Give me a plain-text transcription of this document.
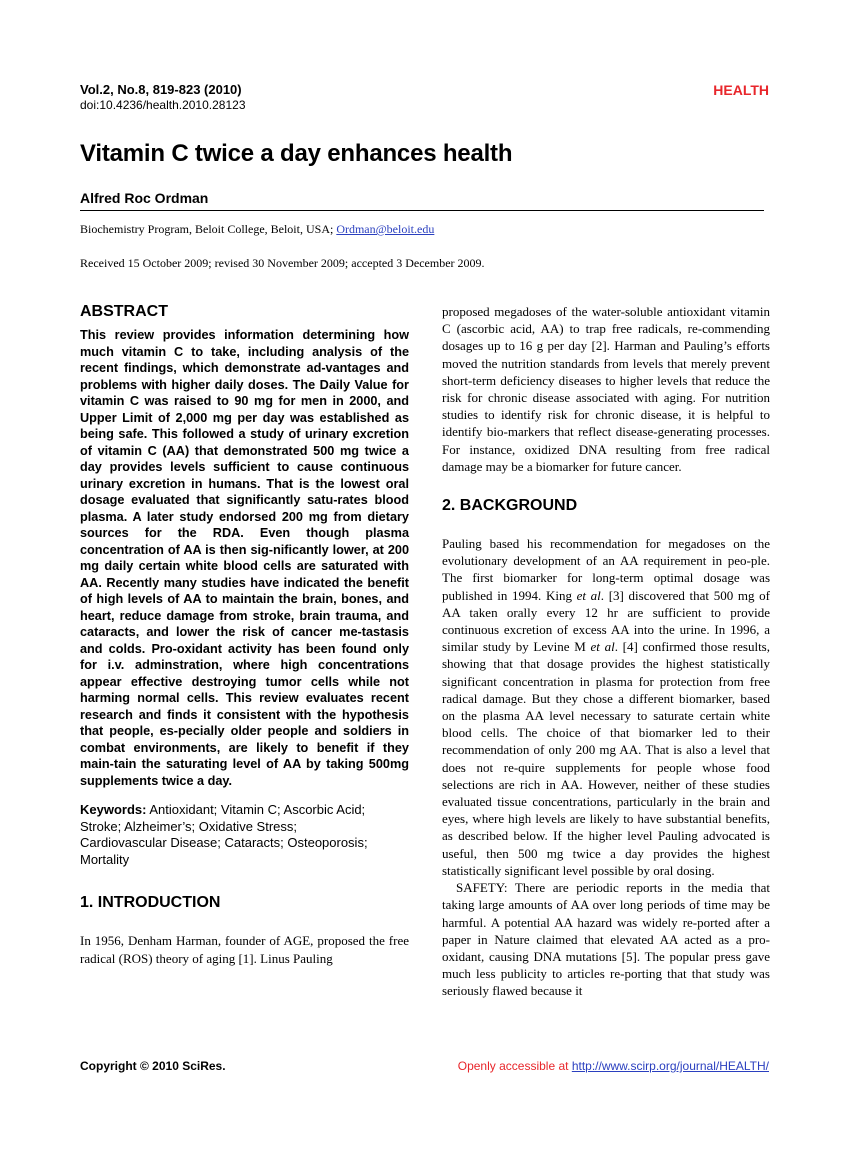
Vol.2, No.8, 819-823 (2010)
doi:10.4236/health.2010.28123
HEALTH
Vitamin C twice a day enhances health
Alfred Roc Ordman
Biochemistry Program, Beloit College, Beloit, USA; Ordman@beloit.edu
Received 15 October 2009; revised 30 November 2009; accepted 3 December 2009.
ABSTRACT

This review provides information determining how much vitamin C to take, including analysis of the recent findings, which demonstrate ad-vantages and problems with higher daily doses. The Daily Value for vitamin C was raised to 90 mg for men in 2000, and Upper Limit of 2,000 mg per day was established as being safe. This followed a study of urinary excretion of vitamin C (AA) that demonstrated 500 mg twice a day provides levels sufficient to cause continuous urinary excretion in humans. That is the lowest oral dosage evaluated that significantly satu-rates blood plasma. A later study endorsed 200 mg from dietary sources for the RDA. Even though plasma concentration of AA is then sig-nificantly lower, at 200 mg daily certain white blood cells are saturated with AA. Recently many studies have indicated the benefit of high levels of AA to maintain the brain, bones, and heart, reduce damage from stroke, brain trauma, and cataracts, and lower the risk of cancer me-tastasis and colds. Pro-oxidant activity has been found only for i.v. adminstration, where high concentrations appear effective destroying tumor cells while not harming normal cells. This review evaluates recent research and finds it consistent with the hypothesis that people, es-pecially older people and soldiers in combat environments, are likely to benefit if they main-tain the saturating level of AA by taking 500mg supplements twice a day.

Keywords: Antioxidant; Vitamin C; Ascorbic Acid; Stroke; Alzheimer’s; Oxidative Stress; Cardiovascular Disease; Cataracts; Osteoporosis; Mortality

1. INTRODUCTION

In 1956, Denham Harman, founder of AGE, proposed the free radical (ROS) theory of aging [1]. Linus Pauling

proposed megadoses of the water-soluble antioxidant vitamin C (ascorbic acid, AA) to trap free radicals, re-commending dosages up to 16 g per day [2]. Harman and Pauling’s efforts moved the nutrition standards from levels that merely prevent short-term deficiency diseases to higher levels that reduce the risk for chronic disease associated with aging. For nutrition studies to identify risk for chronic disease, it is helpful to identify bio-markers that reflect disease-generating processes. For instance, oxidized DNA resulting from free radical damage may be a biomarker for future cancer.

2. BACKGROUND

Pauling based his recommendation for megadoses on the evolutionary development of an AA requirement in peo-ple. The first biomarker for long-term optimal dosage was published in 1994. King et al. [3] discovered that 500 mg of AA taken orally every 12 hr are sufficient to provide continuous excretion of excess AA into the urine. In 1996, a similar study by Levine M et al. [4] confirmed those results, showing that that dosage provides the highest statistically significant concentration in plasma for protection from free radical damage. But they chose a different biomarker, based on the plasma AA level necessary to saturate certain white blood cells. The choice of that biomarker led to their recommendation of only 200 mg AA. That is also a level that does not re-quire supplements for people whose food selections are rich in AA. However, neither of these studies evaluated tissue concentrations, particularly in the brain and eyes, where high levels are likely to have substantial benefits, as described below. If the higher level Pauling advocated is useful, then 500 mg twice a day provides the highest statistically significant level possible by oral dosing.

SAFETY: There are periodic reports in the media that taking large amounts of AA over long periods of time may be harmful. A potential AA hazard was widely re-ported after a paper in Nature claimed that elevated AA acted as a pro-oxidant, causing DNA mutations [5]. The popular press gave much less publicity to articles re-porting that that study was seriously flawed because it

Copyright © 2010 SciRes.	Openly accessible at http://www.scirp.org/journal/HEALTH/
